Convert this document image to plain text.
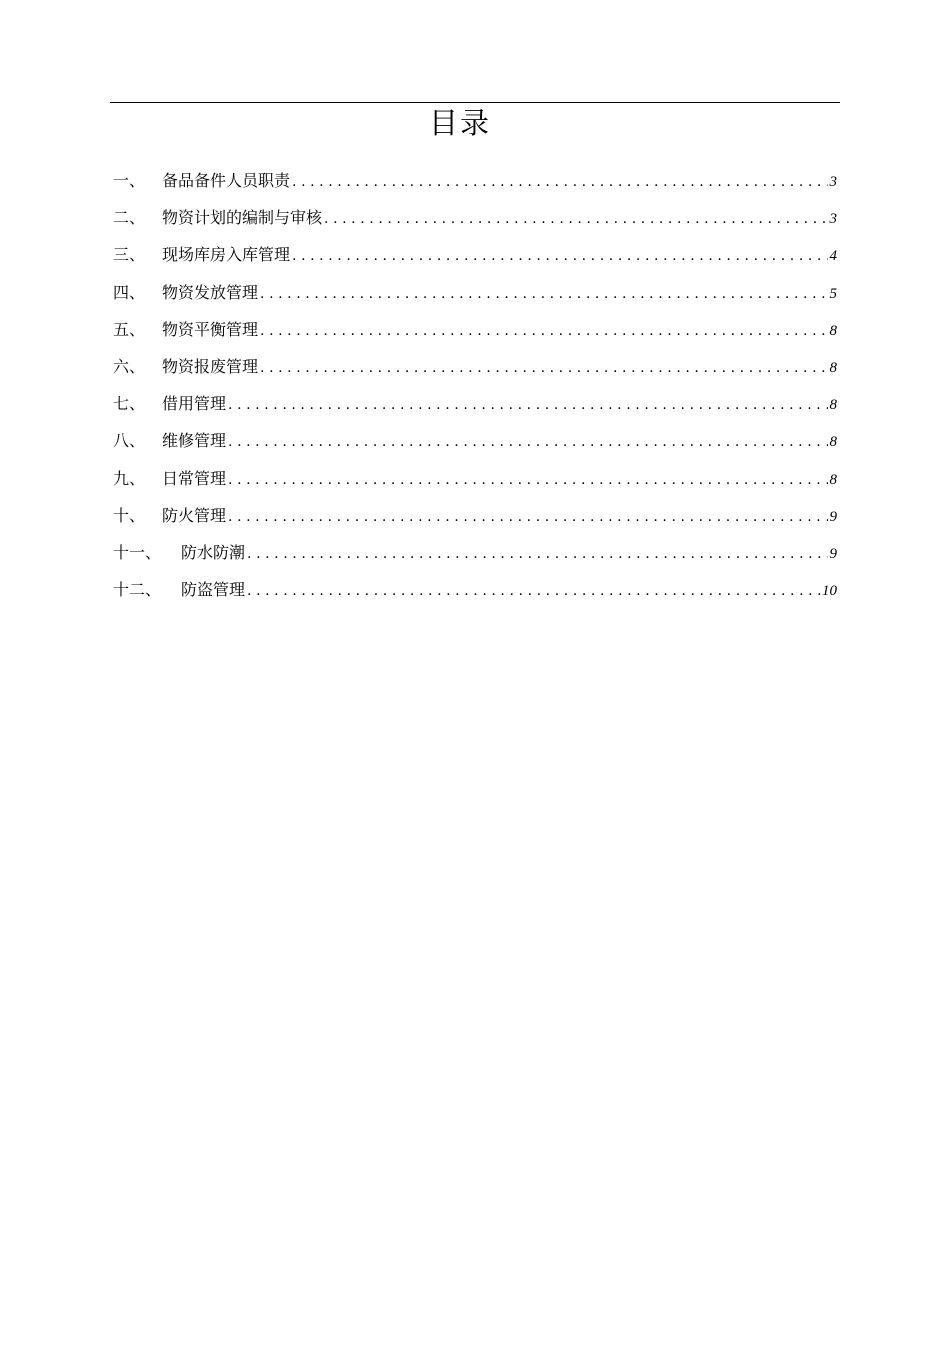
目录
一、	备品备件人员职责 .....	3
二、	物资计划的编制与审核 .....	3
三、	现场库房入库管理 .....	4
四、	物资发放管理 .....	5
五、	物资平衡管理 .....	8
六、	物资报废管理 .....	8
七、	借用管理 .....	8
八、	维修管理 .....	8
九、	日常管理 .....	8
十、	防火管理 .....	9
十一、	防水防潮 .....	9
十二、	防盗管理 .....	10
